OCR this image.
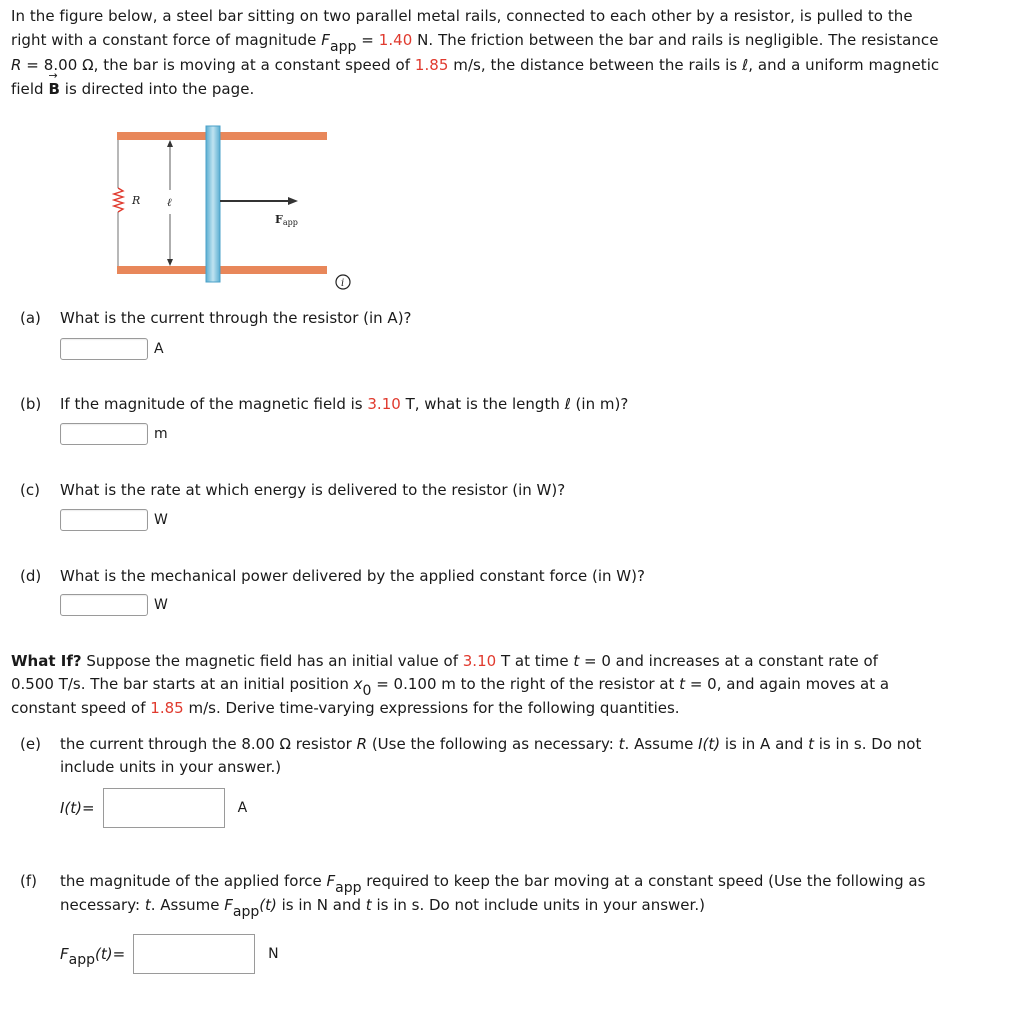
In the figure below, a steel bar sitting on two parallel metal rails, connected to each other by a resistor, is pulled to the

right with a constant force of magnitude Fapp = 1.40 N. The friction between the bar and rails is negligible. The resistance

R = 8.00 Ω, the bar is moving at a constant speed of 1.85 m/s, the distance between the rails is ℓ, and a uniform magnetic

field → B is directed into the page.

R ℓ
Fapp
i
(a) What is the current through the resistor (in A)?
A
(b) If the magnitude of the magnetic field is 3.10 T, what is the length ℓ (in m)?
m
(c) What is the rate at which energy is delivered to the resistor (in W)?
W
(d) What is the mechanical power delivered by the applied constant force (in W)?
W

What If? Suppose the magnetic field has an initial value of 3.10 T at time t = 0 and increases at a constant rate of

0.500 T/s. The bar starts at an initial position x0 = 0.100 m to the right of the resistor at t = 0, and again moves at a

constant speed of 1.85 m/s. Derive time-varying expressions for the following quantities.

(e) the current through the 8.00 Ω resistor R (Use the following as necessary: t. Assume I(t) is in A and t is in s. Do not
include units in your answer.)
I(t) =	A
(f) the magnitude of the applied force Fapp required to keep the bar moving at a constant speed (Use the following as
necessary: t. Assume Fapp(t) is in N and t is in s. Do not include units in your answer.)
F app (t) =	N
